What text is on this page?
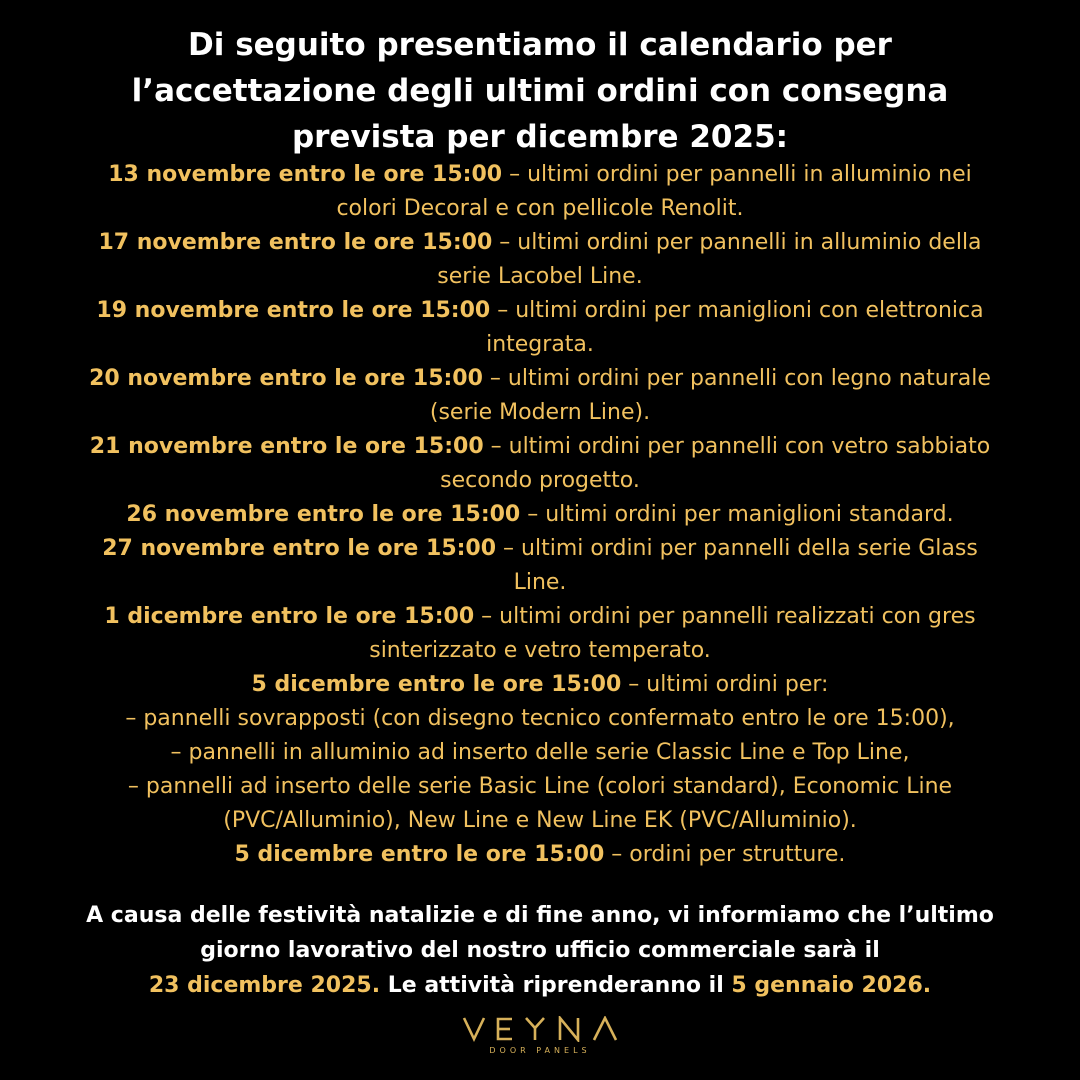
Di seguito presentiamo il calendario per
l’accettazione degli ultimi ordini con consegna
prevista per dicembre 2025:
13 novembre entro le ore 15:00 – ultimi ordini per pannelli in alluminio nei
colori Decoral e con pellicole Renolit.
17 novembre entro le ore 15:00 – ultimi ordini per pannelli in alluminio della
serie Lacobel Line.
19 novembre entro le ore 15:00 – ultimi ordini per maniglioni con elettronica
integrata.
20 novembre entro le ore 15:00 – ultimi ordini per pannelli con legno naturale
(serie Modern Line).
21 novembre entro le ore 15:00 – ultimi ordini per pannelli con vetro sabbiato
secondo progetto.
26 novembre entro le ore 15:00 – ultimi ordini per maniglioni standard.
27 novembre entro le ore 15:00 – ultimi ordini per pannelli della serie Glass
Line.
1 dicembre entro le ore 15:00 – ultimi ordini per pannelli realizzati con gres
sinterizzato e vetro temperato.
5 dicembre entro le ore 15:00 – ultimi ordini per:
– pannelli sovrapposti (con disegno tecnico confermato entro le ore 15:00),
– pannelli in alluminio ad inserto delle serie Classic Line e Top Line,
– pannelli ad inserto delle serie Basic Line (colori standard), Economic Line
(PVC/Alluminio), New Line e New Line EK (PVC/Alluminio).
5 dicembre entro le ore 15:00 – ordini per strutture.

A causa delle festività natalizie e di fine anno, vi informiamo che l’ultimo
giorno lavorativo del nostro ufficio commerciale sarà il
23 dicembre 2025. Le attività riprenderanno il 5 gennaio 2026.

DOOR PANELS
